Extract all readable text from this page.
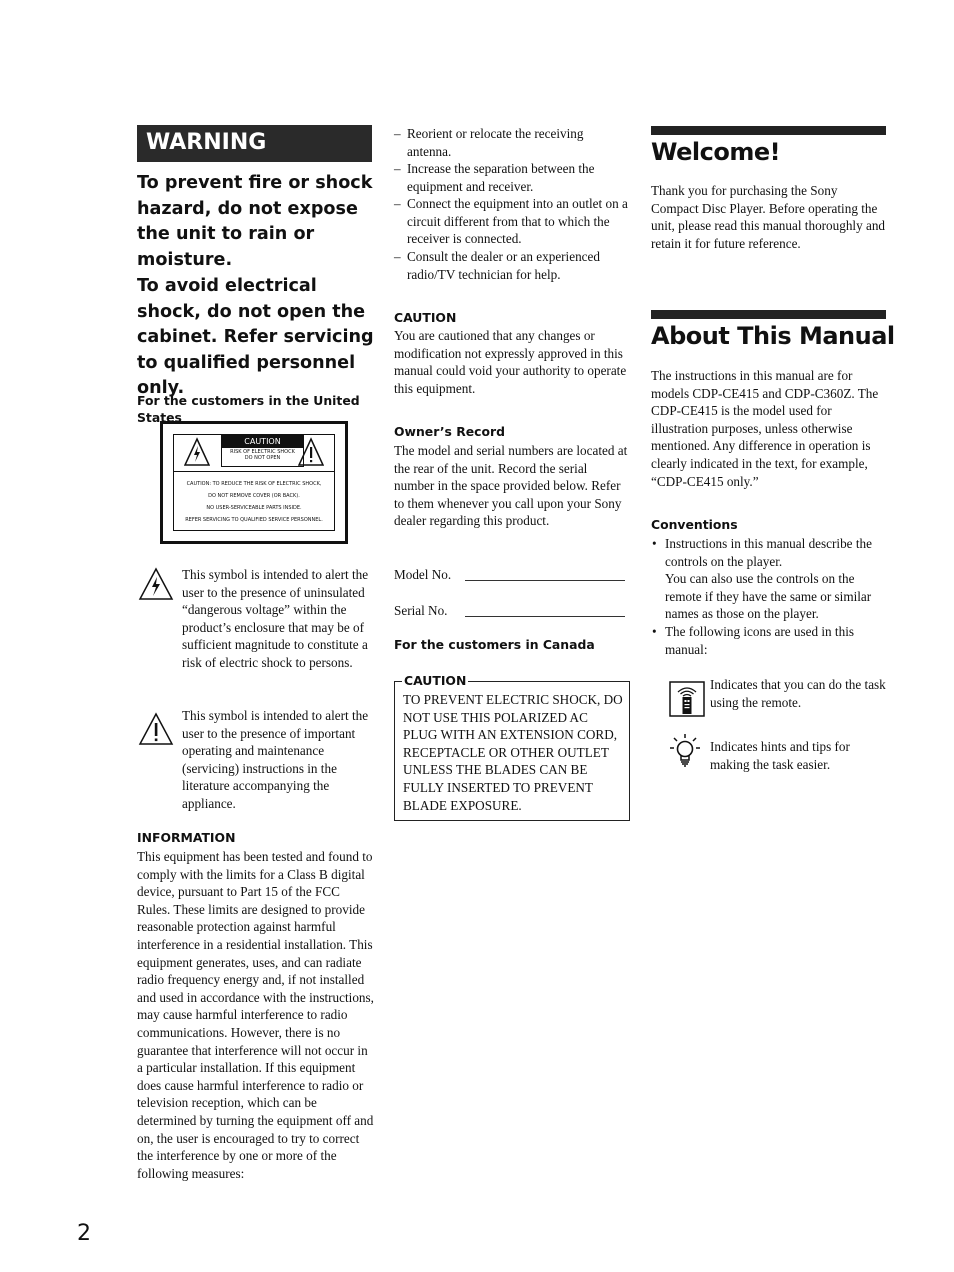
WARNING
To prevent fire or shock hazard, do not expose the unit to rain or moisture.
To avoid electrical shock, do not open the cabinet. Refer servicing to qualified personnel only.
For the customers in the United States
CAUTION
RISK OF ELECTRIC SHOCK
DO NOT OPEN
CAUTION: TO REDUCE THE RISK OF ELECTRIC SHOCK,
DO NOT REMOVE COVER (OR BACK).
NO USER-SERVICEABLE PARTS INSIDE.
REFER SERVICING TO QUALIFIED SERVICE PERSONNEL.
This symbol is intended to alert the user to the presence of uninsulated “dangerous voltage” within the product’s enclosure that may be of sufficient magnitude to constitute a risk of electric shock to persons.
This symbol is intended to alert the user to the presence of important operating and maintenance (servicing) instructions in the literature accompanying the appliance.
INFORMATION
This equipment has been tested and found to comply with the limits for a Class B digital device, pursuant to Part 15 of the FCC Rules. These limits are designed to provide reasonable protection against harmful interference in a residential installation. This equipment generates, uses, and can radiate radio frequency energy and, if not installed and used in accordance with the instructions, may cause harmful interference to radio communications. However, there is no guarantee that interference will not occur in a particular installation. If this equipment does cause harmful interference to radio or television reception, which can be determined by turning the equipment off and on, the user is encouraged to try to correct the interference by one or more of the following measures:
– Reorient or relocate the receiving antenna.
– Increase the separation between the equipment and receiver.
– Connect the equipment into an outlet on a circuit different from that to which the receiver is connected.
– Consult the dealer or an experienced radio/TV technician for help.
CAUTION
You are cautioned that any changes or modification not expressly approved in this manual could void your authority to operate this equipment.
Owner’s Record
The model and serial numbers are located at the rear of the unit. Record the serial number in the space provided below. Refer to them whenever you call upon your Sony dealer regarding this product.
Model No.
Serial No.
For the customers in Canada
CAUTION
TO PREVENT ELECTRIC SHOCK, DO NOT USE THIS POLARIZED AC PLUG WITH AN EXTENSION CORD, RECEPTACLE OR OTHER OUTLET UNLESS THE BLADES CAN BE FULLY INSERTED TO PREVENT BLADE EXPOSURE.
Welcome!
Thank you for purchasing the Sony Compact Disc Player. Before operating the unit, please read this manual thoroughly and retain it for future reference.
About This Manual
The instructions in this manual are for models CDP-CE415 and CDP-C360Z. The CDP-CE415 is the model used for illustration purposes, unless otherwise mentioned. Any difference in operation is clearly indicated in the text, for example, “CDP-CE415 only.”
Conventions
• Instructions in this manual describe the controls on the player.
You can also use the controls on the remote if they have the same or similar names as those on the player.
• The following icons are used in this manual:
Indicates that you can do the task using the remote.
Indicates hints and tips for making the task easier.
2
